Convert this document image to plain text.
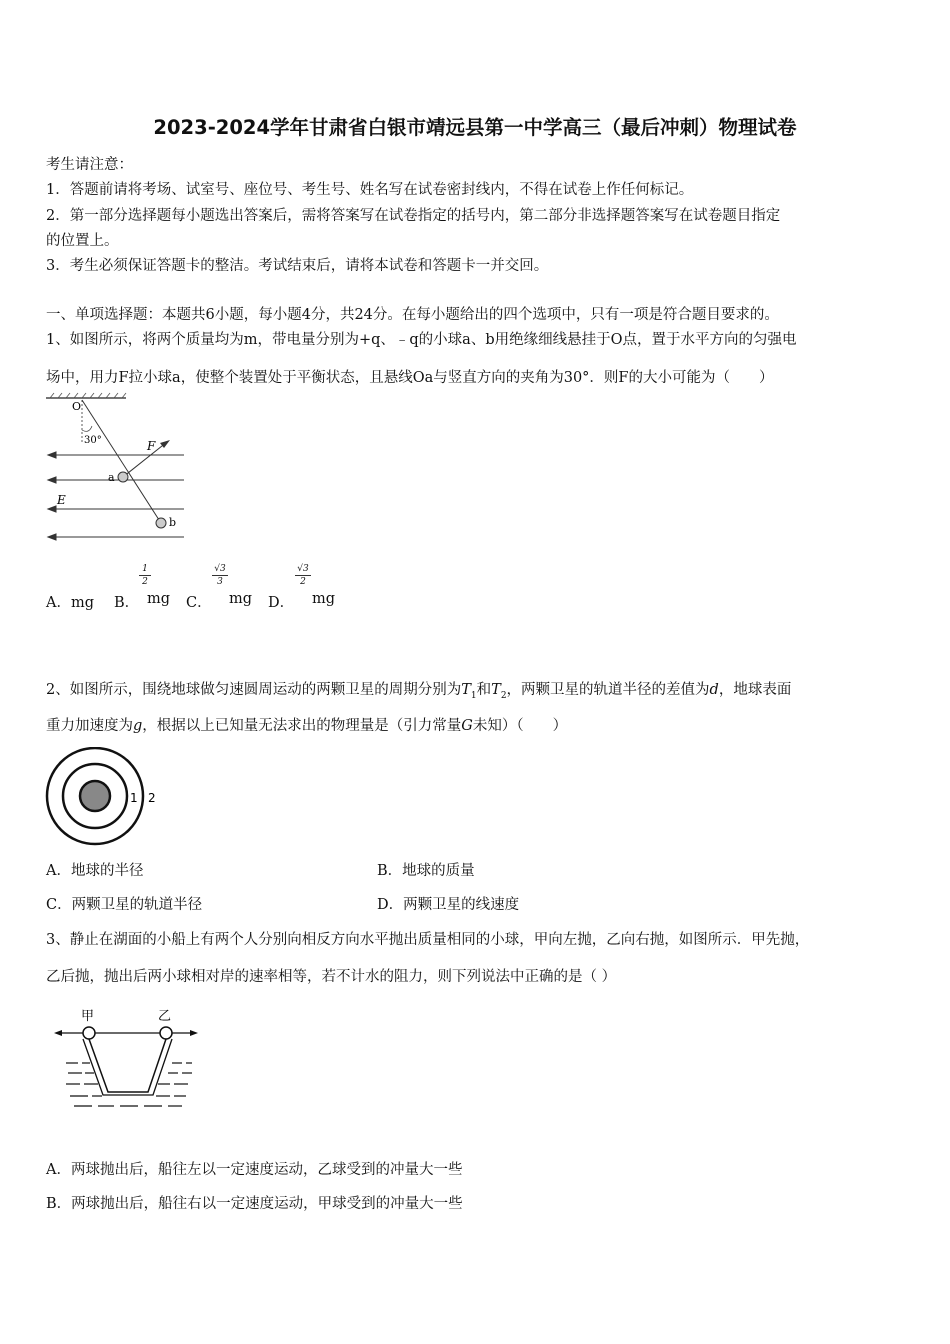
2023-2024学年甘肃省白银市靖远县第一中学高三（最后冲刺）物理试卷
考生请注意：
1．答题前请将考场、试室号、座位号、考生号、姓名写在试卷密封线内，不得在试卷上作任何标记。
2．第一部分选择题每小题选出答案后，需将答案写在试卷指定的括号内，第二部分非选择题答案写在试卷题目指定
的位置上。
3．考生必须保证答题卡的整洁。考试结束后，请将本试卷和答题卡一并交回。
一、单项选择题：本题共6小题，每小题4分，共24分。在每小题给出的四个选项中，只有一项是符合题目要求的。
1、如图所示，将两个质量均为m，带电量分别为+q、﹣q的小球a、b用绝缘细线悬挂于O点，置于水平方向的匀强电
场中，用力F拉小球a，使整个装置处于平衡状态，且悬线Oa与竖直方向的夹角为30°．则F的大小可能为（　　）
O
30°	F
a
E
b
A．mg B．
1
2
mg C．
√3
3
mg D．
√3
2
mg
2、如图所示，围绕地球做匀速圆周运动的两颗卫星的周期分别为$T_1$和$T_2$，两颗卫星的轨道半径的差值为d，地球表面
重力加速度为g，根据以上已知量无法求出的物理量是（引力常量G未知）（　　）
1 2
A．地球的半径	B．地球的质量
C．两颗卫星的轨道半径	D．两颗卫星的线速度
3、静止在湖面的小船上有两个人分别向相反方向水平抛出质量相同的小球，甲向左抛，乙向右抛，如图所示．甲先抛，
乙后抛，抛出后两小球相对岸的速率相等，若不计水的阻力，则下列说法中正确的是（ ）
甲	乙
A．两球抛出后，船往左以一定速度运动，乙球受到的冲量大一些
B．两球抛出后，船往右以一定速度运动，甲球受到的冲量大一些
